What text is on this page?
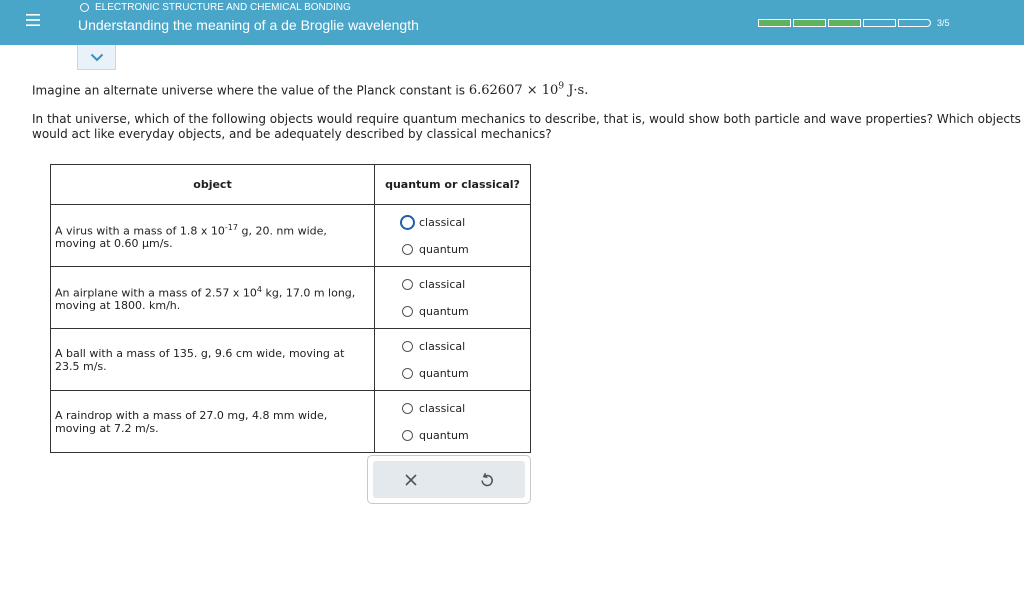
ELECTRONIC STRUCTURE AND CHEMICAL BONDING
Understanding the meaning of a de Broglie wavelength	3/5
Imagine an alternate universe where the value of the Planck constant is $6.62607 \times 10^9$ J·s.
In that universe, which of the following objects would require quantum mechanics to describe, that is, would show both particle and wave properties? Which objects would act like everyday objects, and be adequately described by classical mechanics?
object	quantum or classical?
A virus with a mass of 1.8 x $10^{-17}$ g, 20. nm wide, moving at 0.60 µm/s.	classical
quantum

An airplane with a mass of 2.57 x $10^4$ kg, 17.0 m long, moving at 1800. km/h.	classical
quantum

A ball with a mass of 135. g, 9.6 cm wide, moving at 23.5 m/s.	classical
quantum

A raindrop with a mass of 27.0 mg, 4.8 mm wide, moving at 7.2 m/s.	classical
quantum
